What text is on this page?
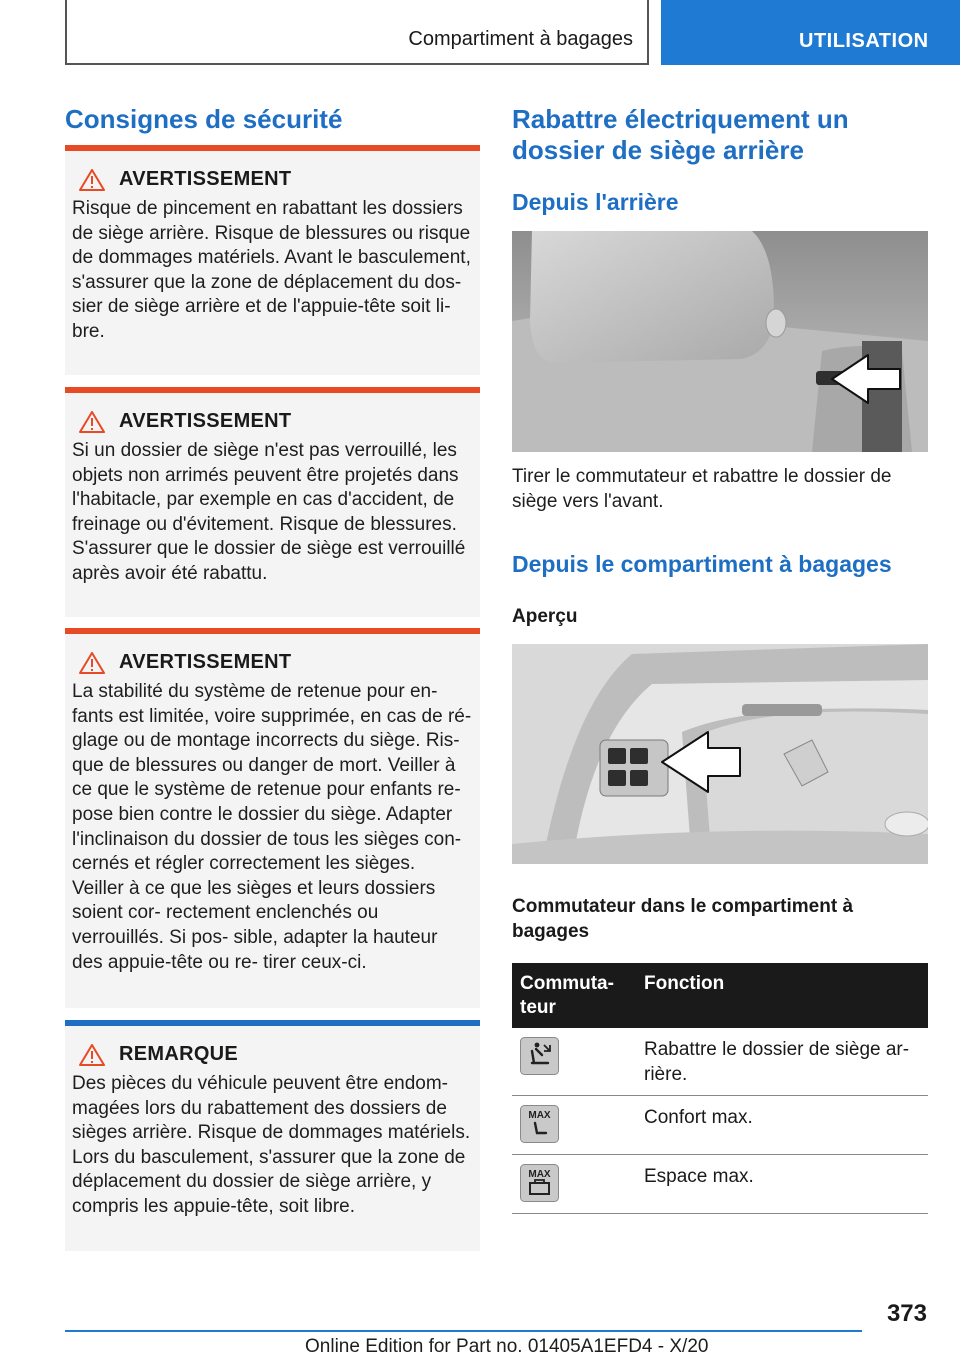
Compartiment à bagages	UTILISATION
Consignes de sécurité
AVERTISSEMENT
Risque de pincement en rabattant les dossiers de siège arrière. Risque de blessures ou risque de dommages matériels. Avant le basculement, s'assurer que la zone de déplacement du dos‐ sier de siège arrière et de l'appuie-tête soit li‐ bre.
AVERTISSEMENT
Si un dossier de siège n'est pas verrouillé, les objets non arrimés peuvent être projetés dans l'habitacle, par exemple en cas d'accident, de freinage ou d'évitement. Risque de blessures. S'assurer que le dossier de siège est verrouillé après avoir été rabattu.
AVERTISSEMENT
La stabilité du système de retenue pour en‐ fants est limitée, voire supprimée, en cas de ré‐ glage ou de montage incorrects du siège. Ris‐ que de blessures ou danger de mort. Veiller à ce que le système de retenue pour enfants re‐ pose bien contre le dossier du siège. Adapter l'inclinaison du dossier de tous les sièges con‐ cernés et régler correctement les sièges. Veiller à ce que les sièges et leurs dossiers soient cor‐ rectement enclenchés ou verrouillés. Si pos‐ sible, adapter la hauteur des appuie-tête ou re‐ tirer ceux-ci.
REMARQUE
Des pièces du véhicule peuvent être endom‐ magées lors du rabattement des dossiers de sièges arrière. Risque de dommages matériels. Lors du basculement, s'assurer que la zone de déplacement du dossier de siège arrière, y compris les appuie-tête, soit libre.
Rabattre électriquement un dossier de siège arrière
Depuis l'arrière
Tirer le commutateur et rabattre le dossier de siège vers l'avant.
Depuis le compartiment à bagages
Aperçu
Commutateur dans le compartiment à bagages
Commuta‐ teur	Fonction

	Rabattre le dossier de siège ar‐ rière.

MAX	Confort max.

MAX	Espace max.
373
Online Edition for Part no. 01405A1EFD4 - X/20
